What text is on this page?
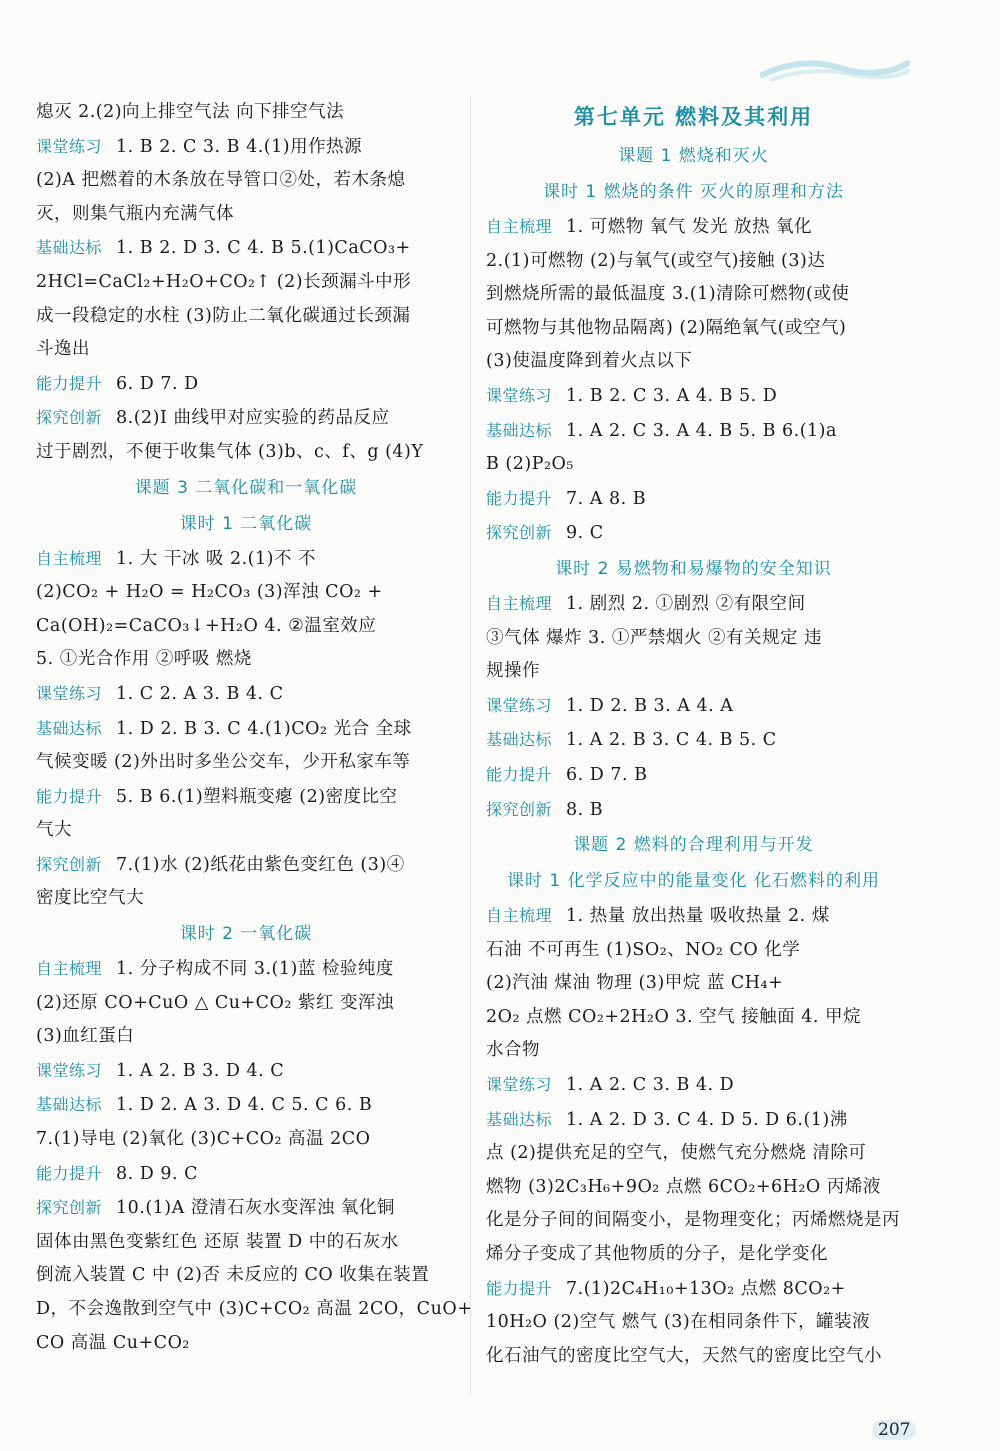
熄灭 2.(2)向上排空气法 向下排空气法
课堂练习 1. B 2. C 3. B 4.(1)用作热源
(2)A 把燃着的木条放在导管口②处，若木条熄
灭，则集气瓶内充满气体
基础达标 1. B 2. D 3. C 4. B 5.(1)CaCO₃+
2HCl=CaCl₂+H₂O+CO₂↑ (2)长颈漏斗中形
成一段稳定的水柱 (3)防止二氧化碳通过长颈漏
斗逸出
能力提升 6. D 7. D
探究创新 8.(2)Ⅰ 曲线甲对应实验的药品反应
过于剧烈，不便于收集气体 (3)b、c、f、g (4)Y
课题 3 二氧化碳和一氧化碳
课时 1 二氧化碳
自主梳理 1. 大 干冰 吸 2.(1)不 不
(2)CO₂ + H₂O = H₂CO₃ (3)浑浊 CO₂ +
Ca(OH)₂=CaCO₃↓+H₂O 4. ②温室效应
5. ①光合作用 ②呼吸 燃烧
课堂练习 1. C 2. A 3. B 4. C
基础达标 1. D 2. B 3. C 4.(1)CO₂ 光合 全球
气候变暖 (2)外出时多坐公交车，少开私家车等
能力提升 5. B 6.(1)塑料瓶变瘪 (2)密度比空
气大
探究创新 7.(1)水 (2)纸花由紫色变红色 (3)④
密度比空气大
课时 2 一氧化碳
自主梳理 1. 分子构成不同 3.(1)蓝 检验纯度
(2)还原 CO+CuO △ Cu+CO₂ 紫红 变浑浊
(3)血红蛋白
课堂练习 1. A 2. B 3. D 4. C
基础达标 1. D 2. A 3. D 4. C 5. C 6. B
7.(1)导电 (2)氧化 (3)C+CO₂ 高温 2CO
能力提升 8. D 9. C
探究创新 10.(1)A 澄清石灰水变浑浊 氧化铜
固体由黑色变紫红色 还原 装置 D 中的石灰水
倒流入装置 C 中 (2)否 未反应的 CO 收集在装置
D，不会逸散到空气中 (3)C+CO₂ 高温 2CO，CuO+
CO 高温 Cu+CO₂
第七单元 燃料及其利用
课题 1 燃烧和灭火
课时 1 燃烧的条件 灭火的原理和方法
自主梳理 1. 可燃物 氧气 发光 放热 氧化
2.(1)可燃物 (2)与氧气(或空气)接触 (3)达
到燃烧所需的最低温度 3.(1)清除可燃物(或使
可燃物与其他物品隔离) (2)隔绝氧气(或空气)
(3)使温度降到着火点以下
课堂练习 1. B 2. C 3. A 4. B 5. D
基础达标 1. A 2. C 3. A 4. B 5. B 6.(1)a
B (2)P₂O₅
能力提升 7. A 8. B
探究创新 9. C
课时 2 易燃物和易爆物的安全知识
自主梳理 1. 剧烈 2. ①剧烈 ②有限空间
③气体 爆炸 3. ①严禁烟火 ②有关规定 违
规操作
课堂练习 1. D 2. B 3. A 4. A
基础达标 1. A 2. B 3. C 4. B 5. C
能力提升 6. D 7. B
探究创新 8. B
课题 2 燃料的合理利用与开发
课时 1 化学反应中的能量变化 化石燃料的利用
自主梳理 1. 热量 放出热量 吸收热量 2. 煤
石油 不可再生 (1)SO₂、NO₂ CO 化学
(2)汽油 煤油 物理 (3)甲烷 蓝 CH₄+
2O₂ 点燃 CO₂+2H₂O 3. 空气 接触面 4. 甲烷
水合物
课堂练习 1. A 2. C 3. B 4. D
基础达标 1. A 2. D 3. C 4. D 5. D 6.(1)沸
点 (2)提供充足的空气，使燃气充分燃烧 清除可
燃物 (3)2C₃H₆+9O₂ 点燃 6CO₂+6H₂O 丙烯液
化是分子间的间隔变小，是物理变化；丙烯燃烧是丙
烯分子变成了其他物质的分子，是化学变化
能力提升 7.(1)2C₄H₁₀+13O₂ 点燃 8CO₂+
10H₂O (2)空气 燃气 (3)在相同条件下，罐装液
化石油气的密度比空气大，天然气的密度比空气小
207
